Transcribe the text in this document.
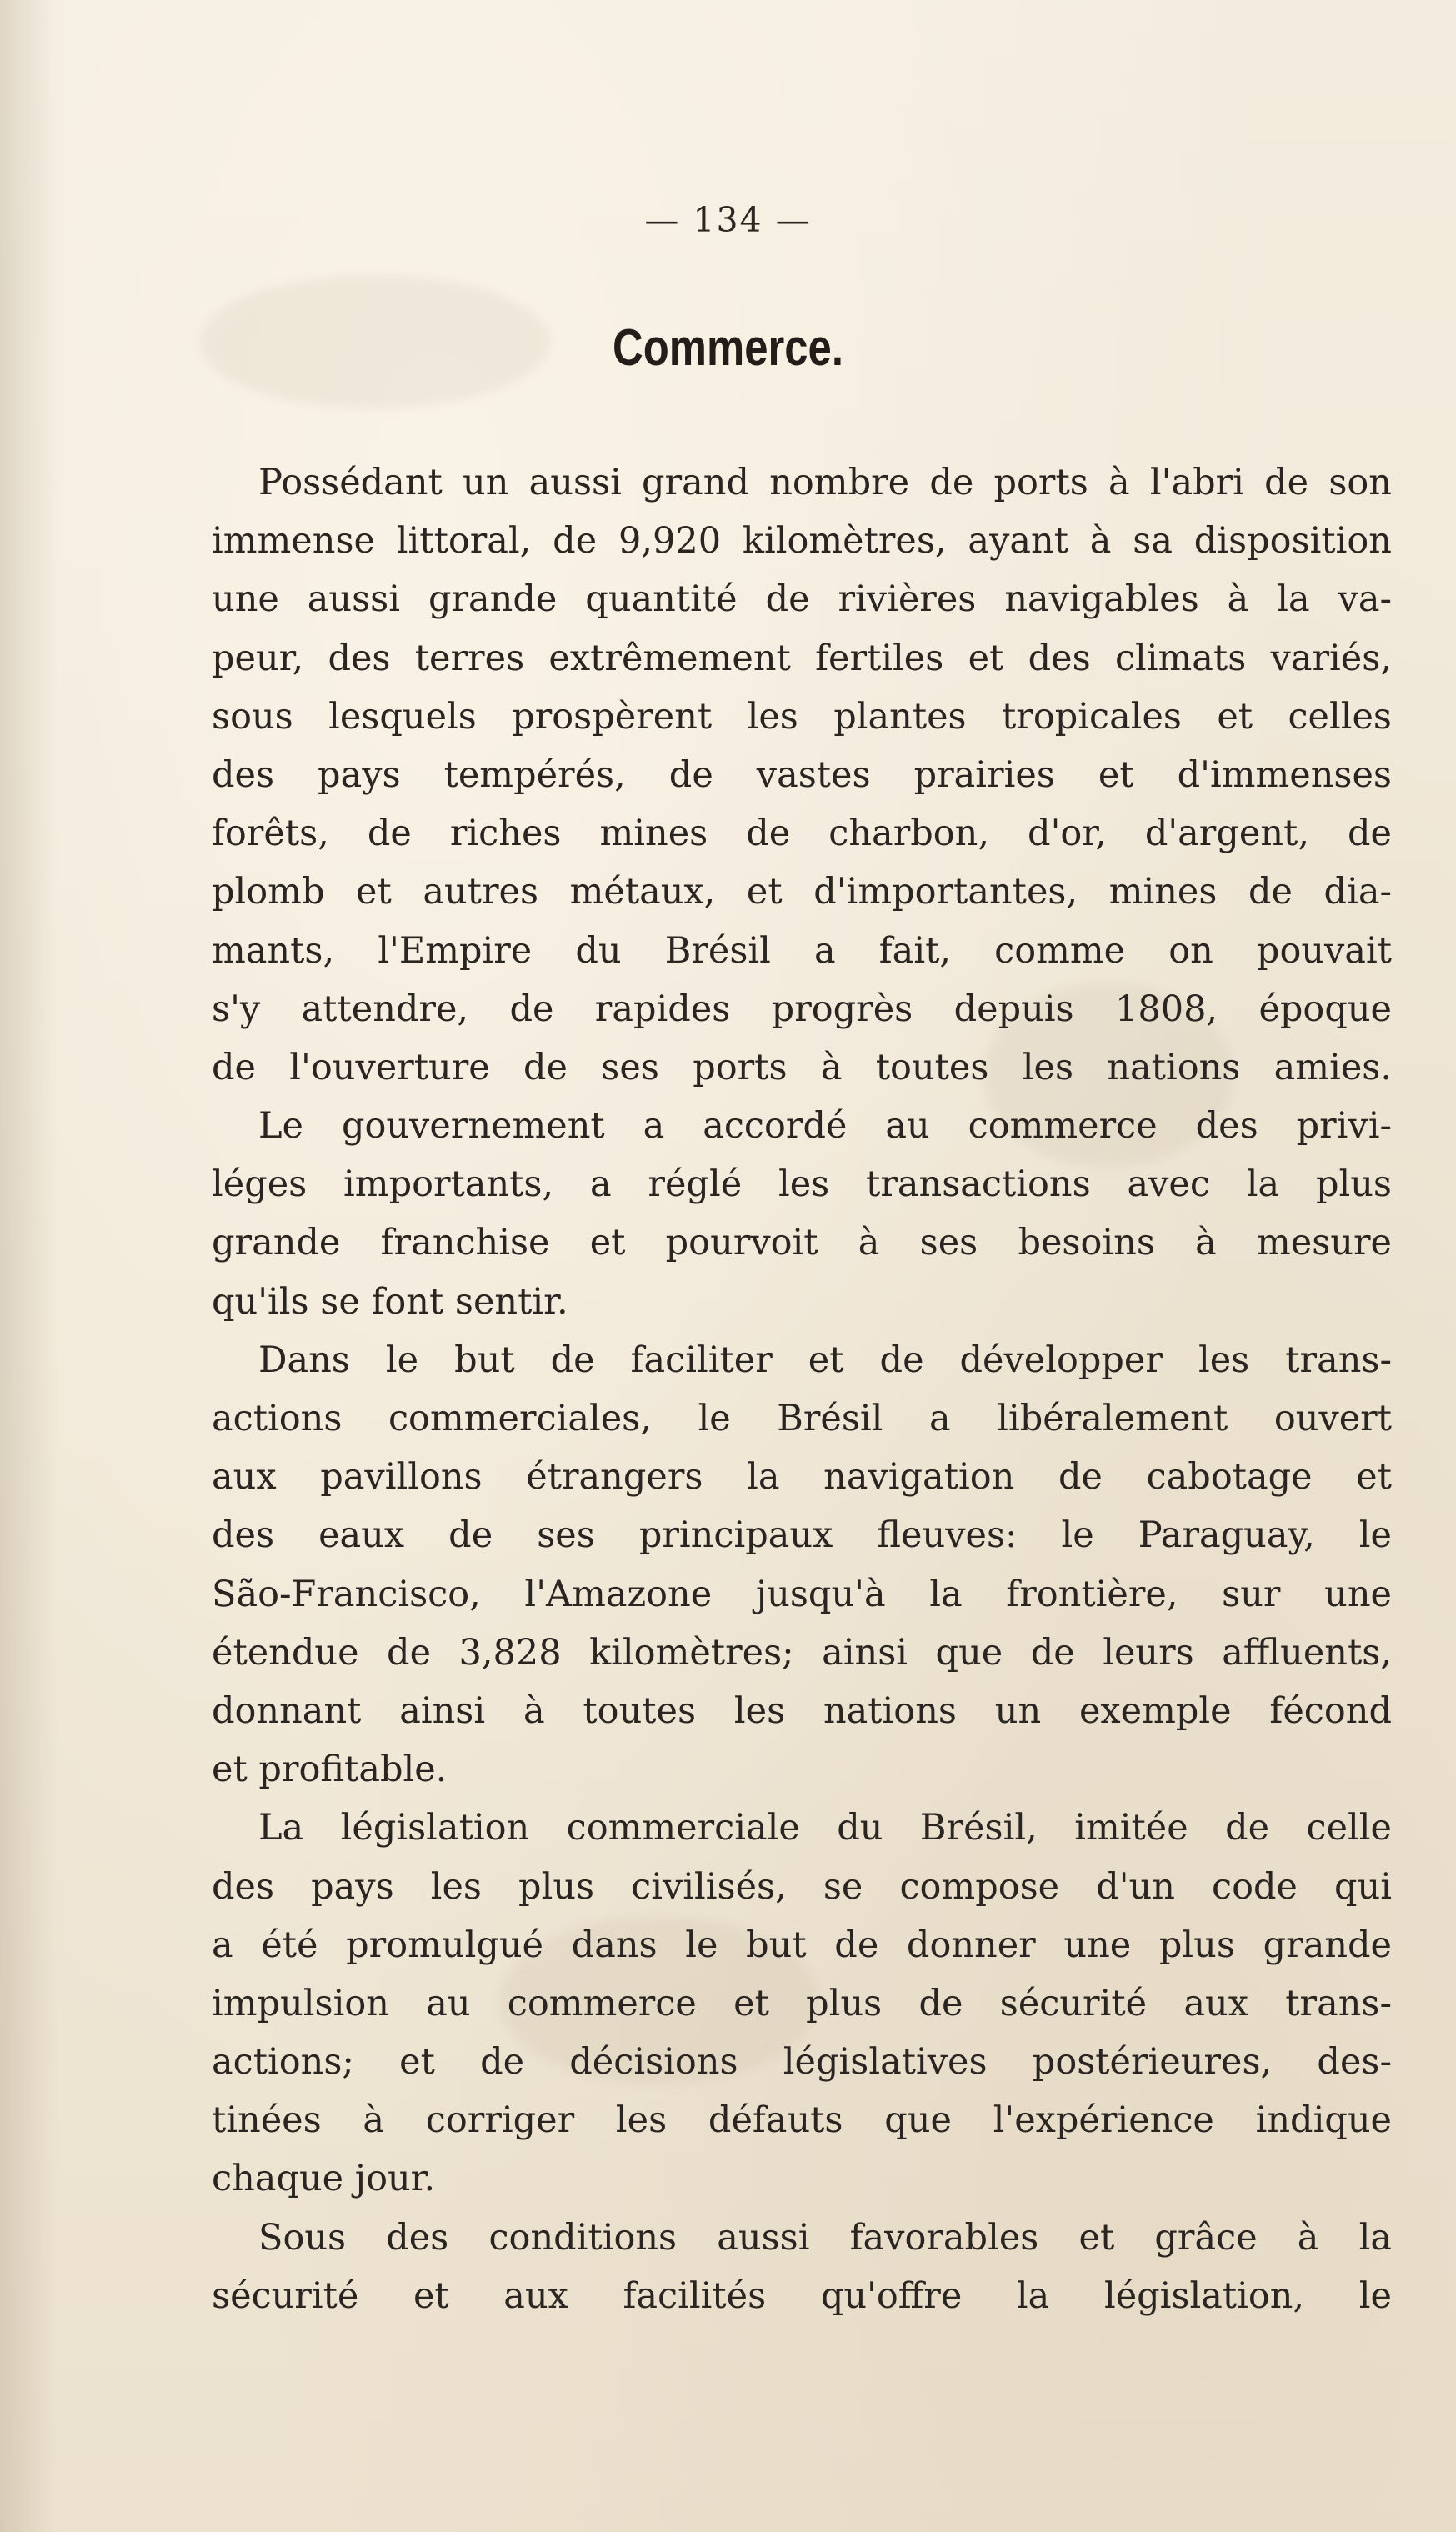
— 134 —
Commerce.
Possédant un aussi grand nombre de ports à l'abri de son
immense littoral, de 9,920 kilomètres, ayant à sa disposition
une aussi grande quantité de rivières navigables à la va-
peur, des terres extrêmement fertiles et des climats variés,
sous lesquels prospèrent les plantes tropicales et celles
des pays tempérés, de vastes prairies et d'immenses
forêts, de riches mines de charbon, d'or, d'argent, de
plomb et autres métaux, et d'importantes, mines de dia-
mants, l'Empire du Brésil a fait, comme on pouvait
s'y attendre, de rapides progrès depuis 1808, époque
de l'ouverture de ses ports à toutes les nations amies.
Le gouvernement a accordé au commerce des privi-
léges importants, a réglé les transactions avec la plus
grande franchise et pourvoit à ses besoins à mesure
qu'ils se font sentir.
Dans le but de faciliter et de développer les trans-
actions commerciales, le Brésil a libéralement ouvert
aux pavillons étrangers la navigation de cabotage et
des eaux de ses principaux fleuves: le Paraguay, le
São-Francisco, l'Amazone jusqu'à la frontière, sur une
étendue de 3,828 kilomètres; ainsi que de leurs affluents,
donnant ainsi à toutes les nations un exemple fécond
et profitable.
La législation commerciale du Brésil, imitée de celle
des pays les plus civilisés, se compose d'un code qui
a été promulgué dans le but de donner une plus grande
impulsion au commerce et plus de sécurité aux trans-
actions; et de décisions législatives postérieures, des-
tinées à corriger les défauts que l'expérience indique
chaque jour.
Sous des conditions aussi favorables et grâce à la
sécurité et aux facilités qu'offre la législation, le
